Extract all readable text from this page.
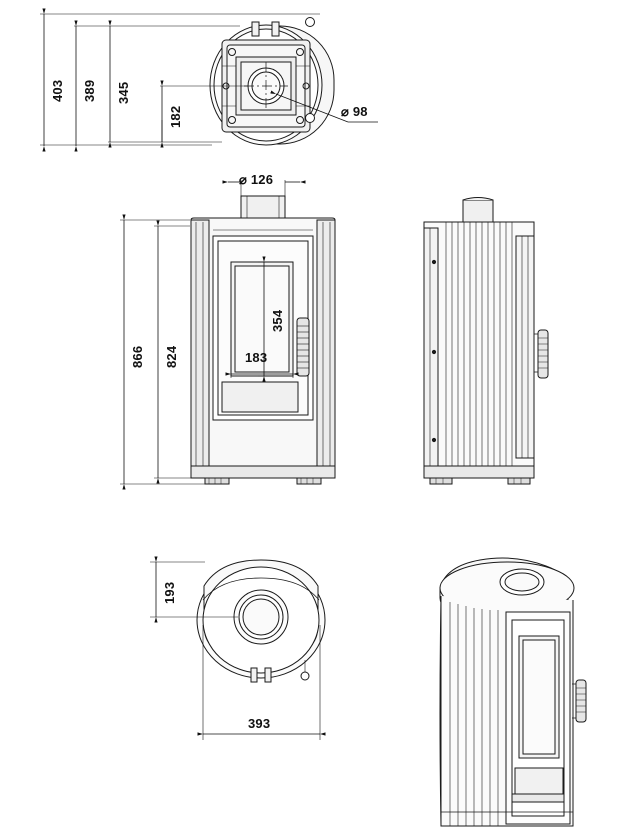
403 389 345
182	⌀ 98
⌀ 126
866 824
354
183
193
393
